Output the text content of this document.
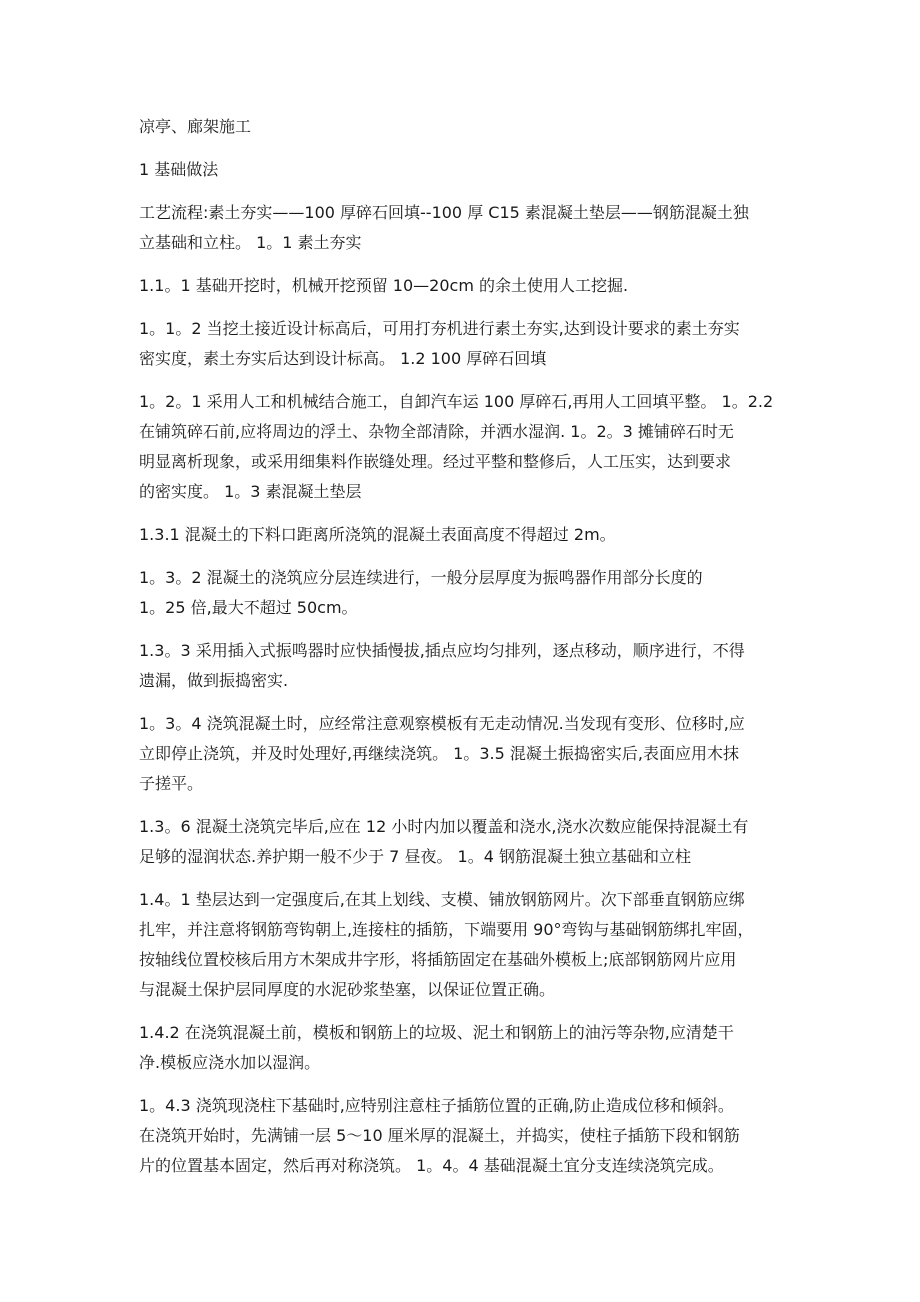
凉亭、廊架施工

1 基础做法

工艺流程:素土夯实——100 厚碎石回填--100 厚 C15 素混凝土垫层——钢筋混凝土独
立基础和立柱。 1。1 素土夯实

1.1。1 基础开挖时，机械开挖预留 10—20cm 的余土使用人工挖掘.

1。1。2 当挖土接近设计标高后，可用打夯机进行素土夯实,达到设计要求的素土夯实
密实度，素土夯实后达到设计标高。 1.2 100 厚碎石回填

1。2。1 采用人工和机械结合施工，自卸汽车运 100 厚碎石,再用人工回填平整。 1。2.2
在铺筑碎石前,应将周边的浮土、杂物全部清除，并洒水湿润. 1。2。3 摊铺碎石时无
明显离析现象，或采用细集料作嵌缝处理。经过平整和整修后，人工压实，达到要求
的密实度。 1。3 素混凝土垫层

1.3.1 混凝土的下料口距离所浇筑的混凝土表面高度不得超过 2m。

1。3。2 混凝土的浇筑应分层连续进行，一般分层厚度为振鸣器作用部分长度的
1。25 倍,最大不超过 50cm。

1.3。3 采用插入式振鸣器时应快插慢拔,插点应均匀排列，逐点移动，顺序进行，不得
遗漏，做到振捣密实.

1。3。4 浇筑混凝土时，应经常注意观察模板有无走动情况.当发现有变形、位移时,应
立即停止浇筑，并及时处理好,再继续浇筑。 1。3.5 混凝土振捣密实后,表面应用木抹
子搓平。

1.3。6 混凝土浇筑完毕后,应在 12 小时内加以覆盖和浇水,浇水次数应能保持混凝土有
足够的湿润状态.养护期一般不少于 7 昼夜。 1。4 钢筋混凝土独立基础和立柱

1.4。1 垫层达到一定强度后,在其上划线、支模、铺放钢筋网片。次下部垂直钢筋应绑
扎牢，并注意将钢筋弯钩朝上,连接柱的插筋，下端要用 90°弯钩与基础钢筋绑扎牢固，
按轴线位置校核后用方木架成井字形，将插筋固定在基础外模板上;底部钢筋网片应用
与混凝土保护层同厚度的水泥砂浆垫塞，以保证位置正确。

1.4.2 在浇筑混凝土前，模板和钢筋上的垃圾、泥土和钢筋上的油污等杂物,应清楚干
净.模板应浇水加以湿润。

1。4.3 浇筑现浇柱下基础时,应特别注意柱子插筋位置的正确,防止造成位移和倾斜。
在浇筑开始时，先满铺一层 5～10 厘米厚的混凝土，并捣实，使柱子插筋下段和钢筋
片的位置基本固定，然后再对称浇筑。 1。4。4 基础混凝土宜分支连续浇筑完成。
